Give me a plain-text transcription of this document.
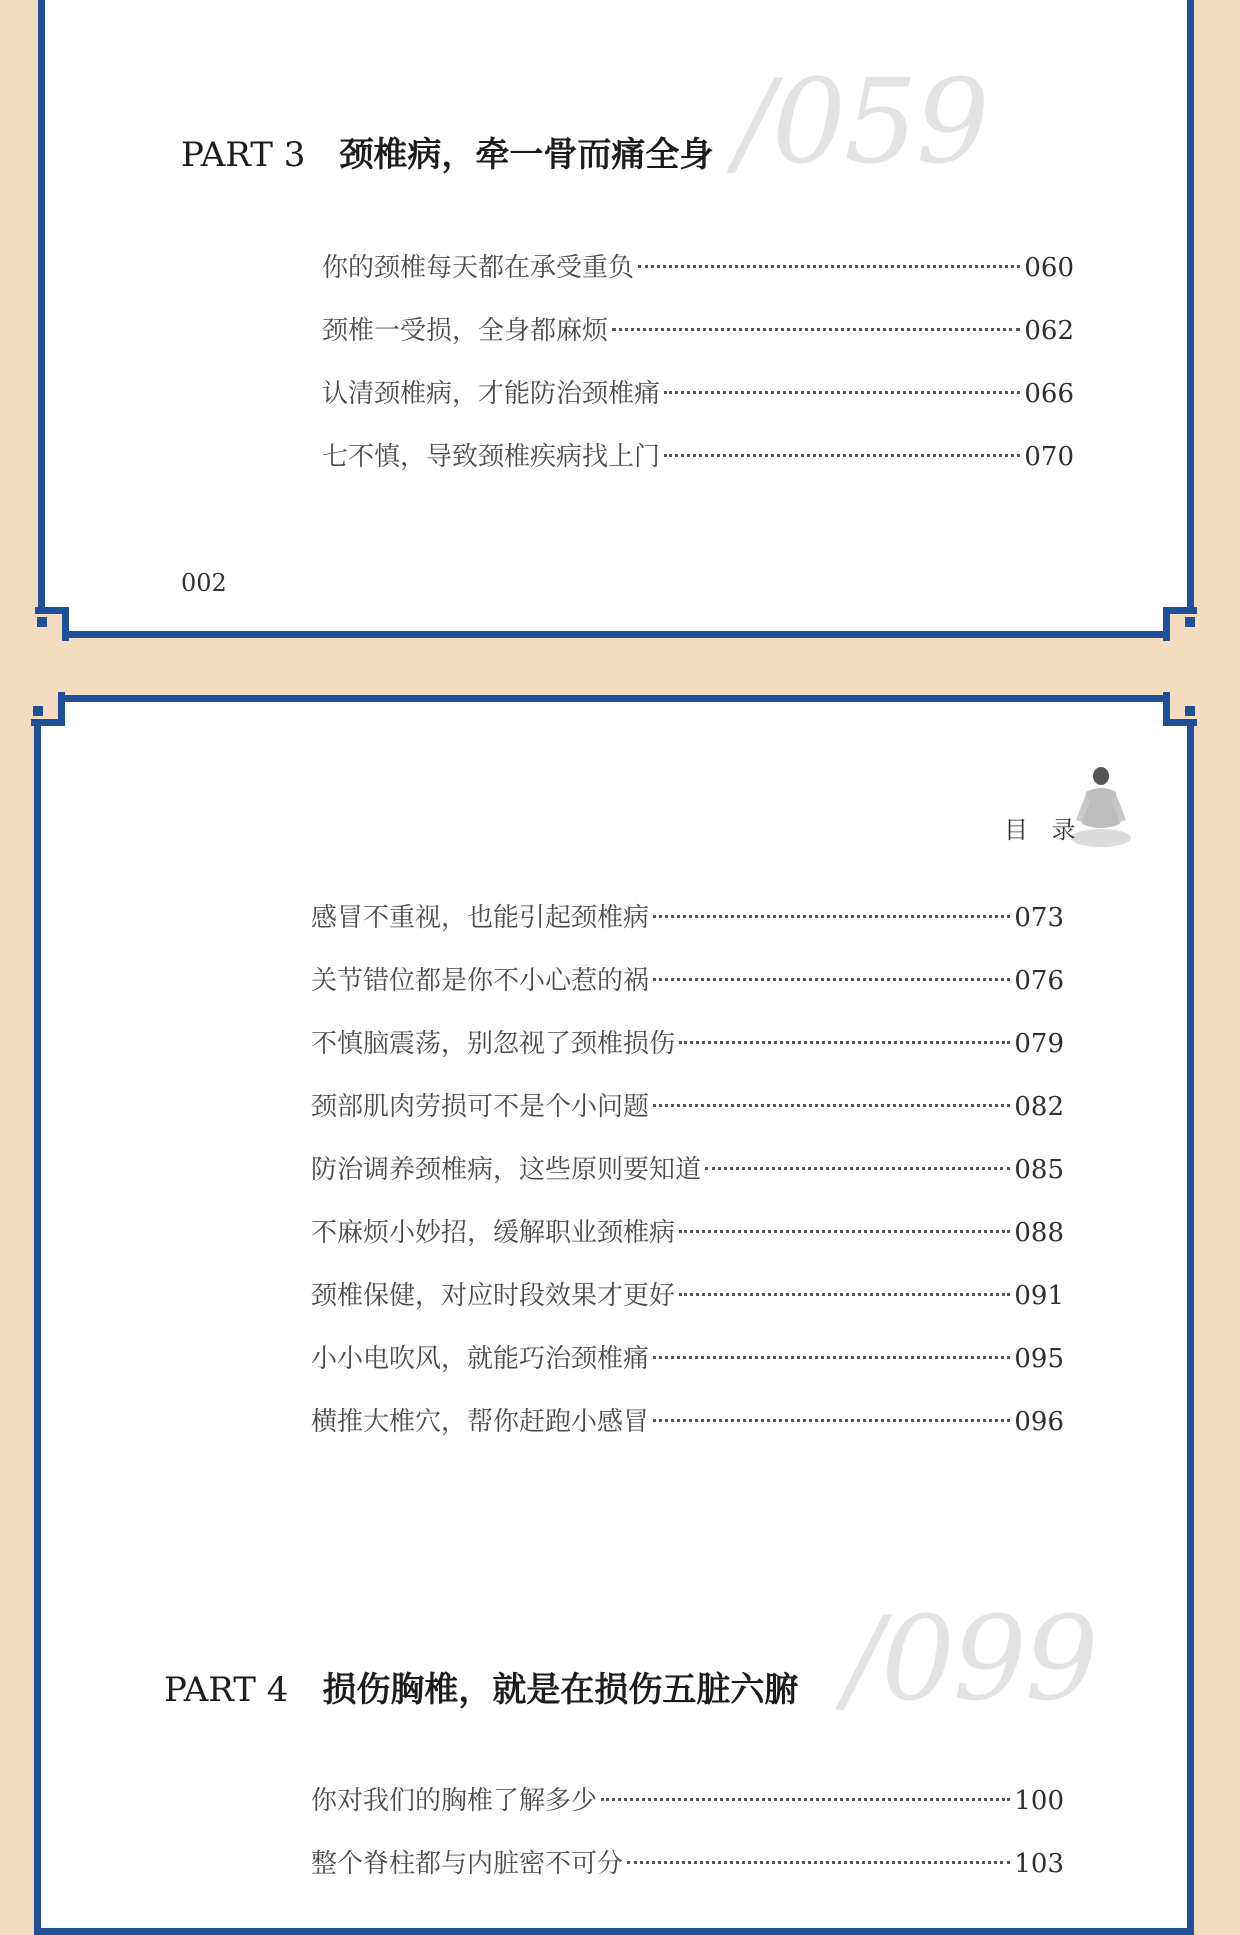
/059
PART 3 颈椎病，牵一骨而痛全身
你的颈椎每天都在承受重负	060
颈椎一受损，全身都麻烦	062
认清颈椎病，才能防治颈椎痛	066
七不慎，导致颈椎疾病找上门	070
002
目 录
感冒不重视，也能引起颈椎病	073
关节错位都是你不小心惹的祸	076
不慎脑震荡，别忽视了颈椎损伤	079
颈部肌肉劳损可不是个小问题	082
防治调养颈椎病，这些原则要知道	085
不麻烦小妙招，缓解职业颈椎病	088
颈椎保健，对应时段效果才更好	091
小小电吹风，就能巧治颈椎痛	095
横推大椎穴，帮你赶跑小感冒	096
/099
PART 4 损伤胸椎，就是在损伤五脏六腑
你对我们的胸椎了解多少	100
整个脊柱都与内脏密不可分	103
